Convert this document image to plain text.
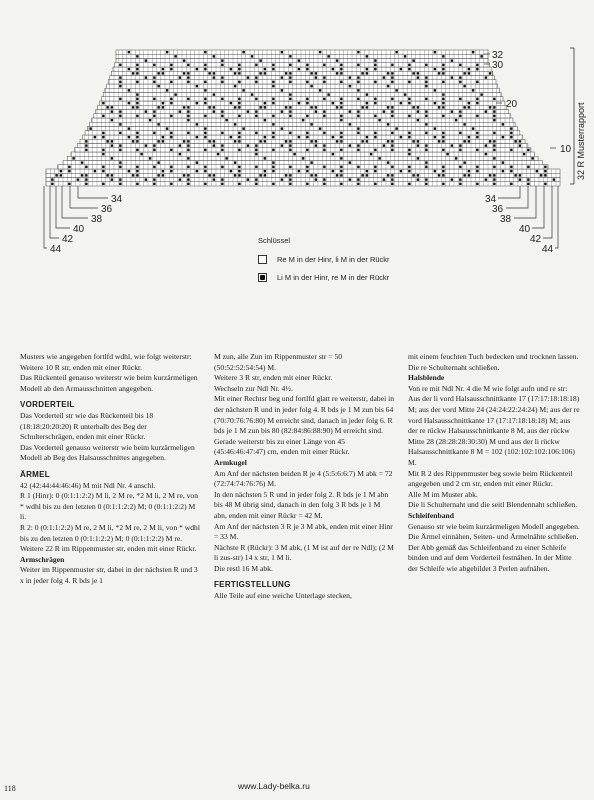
34
36
38
40
42
44
34
36
38
40
42
44
32
30
20
10 32 R Musterrapport
Schlüssel
Re M in der Hinr, li M in der Rückr
Li M in der Hinr, re M in der Rückr

Musters wie angegeben fortlfd wdhl, wie folgt weiterstr:

Weitere 10 R str, enden mit einer Rückr.

Das Rückenteil genauso weiterstr wie beim kurzärmeligen Modell ab den Armausschnitten angegeben.

VORDERTEIL

Das Vorderteil str wie das Rückenteil bis 18 (18:18:20:20:20) R unterhalb des Beg der Schulterschrägen, enden mit einer Rückr.

Das Vorderteil genauso weiterstr wie beim kurzärmeligen Modell ab Beg des Halsausschnittes angegeben.

ÄRMEL

42 (42:44:44:46:46) M mit Ndl Nr. 4 anschl.

R 1 (Hinr): 0 (0:1:1:2:2) M li, 2 M re, *2 M li, 2 M re, von * wdhl bis zu den letzten 0 (0:1:1:2:2) M; 0 (0:1:1:2:2) M li.

R 2: 0 (0:1:1:2:2) M re, 2 M li, *2 M re, 2 M li, von * wdhl bis zu den letzten 0 (0:1:1:2:2) M; 0 (0:1:1:2:2) M re.

Weitere 22 R im Rippenmuster str, enden mit einer Rückr.

Armschrägen

Weiter im Rippenmuster str, dabei in der nächsten R und 3 x in jeder folg 4. R bds je 1

M zun, alle Zun im Rippenmuster str = 50 (50:52:52:54:54) M.

Weitere 3 R str, enden mit einer Rückr.

Wechseln zur Ndl Nr. 4½.

Mit einer Rechtsr beg und fortlfd glatt re weiterstr, dabei in der nächsten R und in jeder folg 4. R bds je 1 M zun bis 64 (70:70:76:76:80) M erreicht sind, danach in jeder folg 6. R bds je 1 M zun bis 80 (82:84:86:88:90) M erreicht sind.

Gerade weiterstr bis zu einer Länge von 45 (45:46:46:47:47) cm, enden mit einer Rückr.

Armkugel

Am Anf der nächsten beiden R je 4 (5:5:6:6:7) M abk = 72 (72:74:74:76:76) M.

In den nächsten 5 R und in jeder folg 2. R bds je 1 M abn bis 48 M übrig sind, danach in den folg 3 R bds je 1 M abn, enden mit einer Rückr = 42 M.

Am Anf der nächsten 3 R je 3 M abk, enden mit einer Hinr = 33 M.

Nächste R (Rückr): 3 M abk, (1 M ist auf der re Ndl); (2 M li zus-str) 14 x str, 1 M li.

Die restl 16 M abk.

FERTIGSTELLUNG

Alle Teile auf eine weiche Unterlage stecken,

mit einem feuchten Tuch bedecken und trocknen lassen.

Die re Schulternaht schließen.

Halsblende

Von re mit Ndl Nr. 4 die M wie folgt aufn und re str: Aus der li vord Halsausschnittkante 17 (17:17:18:18:18) M; aus der vord Mitte 24 (24:24:22:24:24) M; aus der re vord Halsausschnittkante 17 (17:17:18:18:18) M; aus der re rückw Halsausschnittkante 8 M, aus der rückw Mitte 28 (28:28:28:30:30) M und aus der li rückw Halsausschnittkante 8 M = 102 (102:102:102:106:106) M.

Mit R 2 des Rippenmuster beg sowie beim Rückenteil angegeben und 2 cm str, enden mit einer Rückr.

Alle M im Muster abk.

Die li Schulternaht und die seitl Blendennaht schließen.

Schleifenband

Genauso str wie beim kurzärmeligen Modell angegeben.

Die Ärmel einnähen, Seiten- und Ärmelnähte schließen.

Der Abb gemäß das Schleifenband zu einer Schleife binden und auf dem Vorderteil festnähen. In der Mitte der Schleife wie abgebildet 3 Perlen aufnähen.

118	www.Lady-belka.ru
